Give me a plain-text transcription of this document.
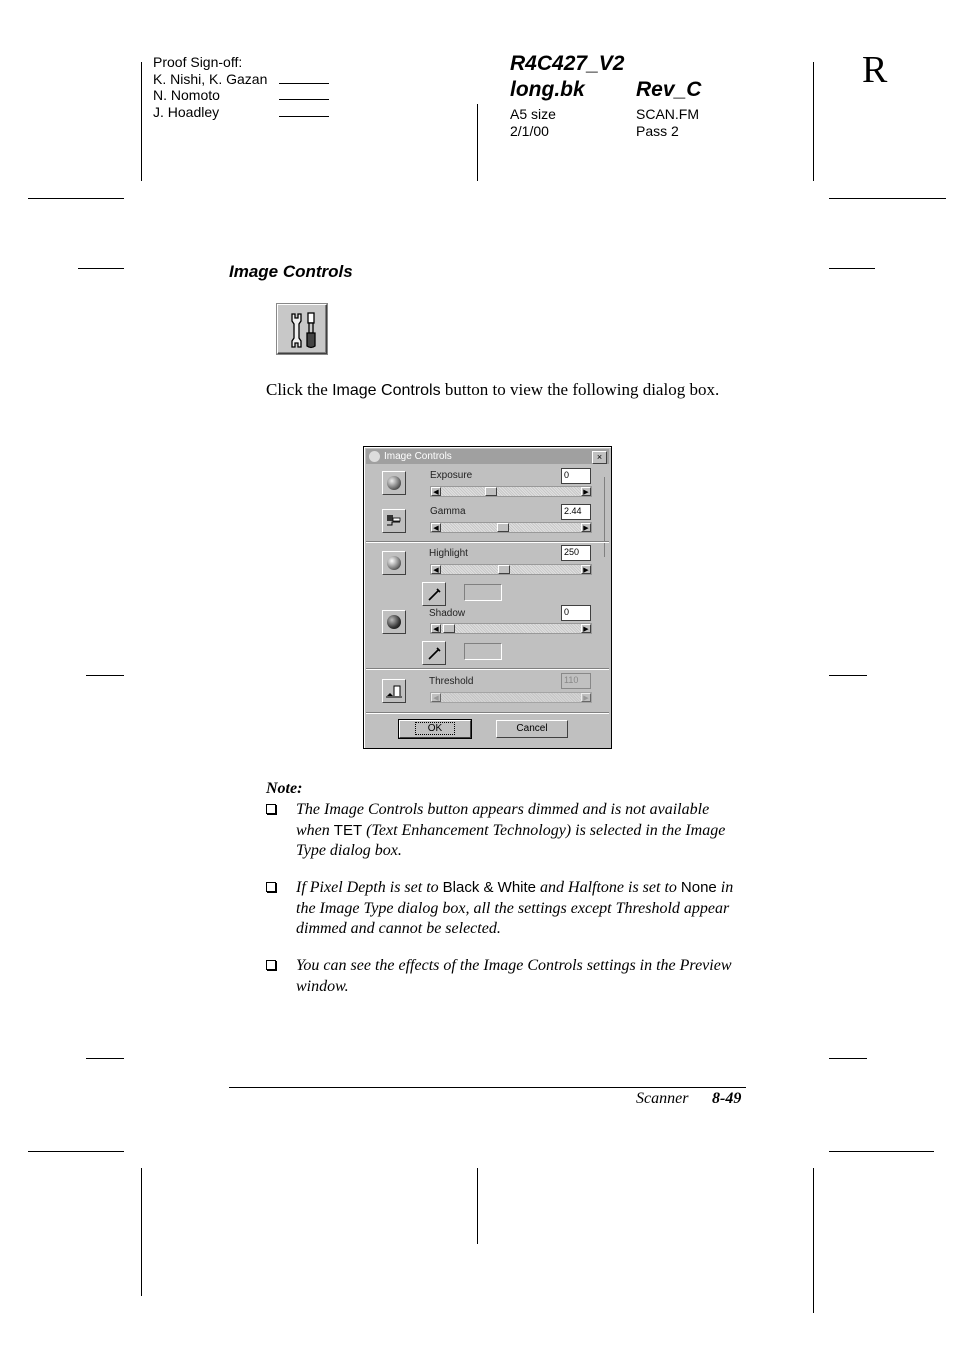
Proof Sign-off:
K. Nishi, K. Gazan
N. Nomoto
J. Hoadley
R4C427_V2
long.bk Rev_C
A5 size
2/1/00
SCAN.FM
Pass 2
R
Image Controls
Click the Image Controls button to view the following dialog box.
Image Controls	×
Exposure	0
◀	▶
Gamma	2.44
◀	▶
Highlight	250
◀	▶
Shadow	0
◀	▶
Threshold	110
◀	▶
OK	Cancel
Note:
The Image Controls button appears dimmed and is not available when TET (Text Enhancement Technology) is selected in the Image Type dialog box.
If Pixel Depth is set to Black & White and Halftone is set to None in the Image Type dialog box, all the settings except Threshold appear dimmed and cannot be selected.
You can see the effects of the Image Controls settings in the Preview window.
Scanner 8-49
